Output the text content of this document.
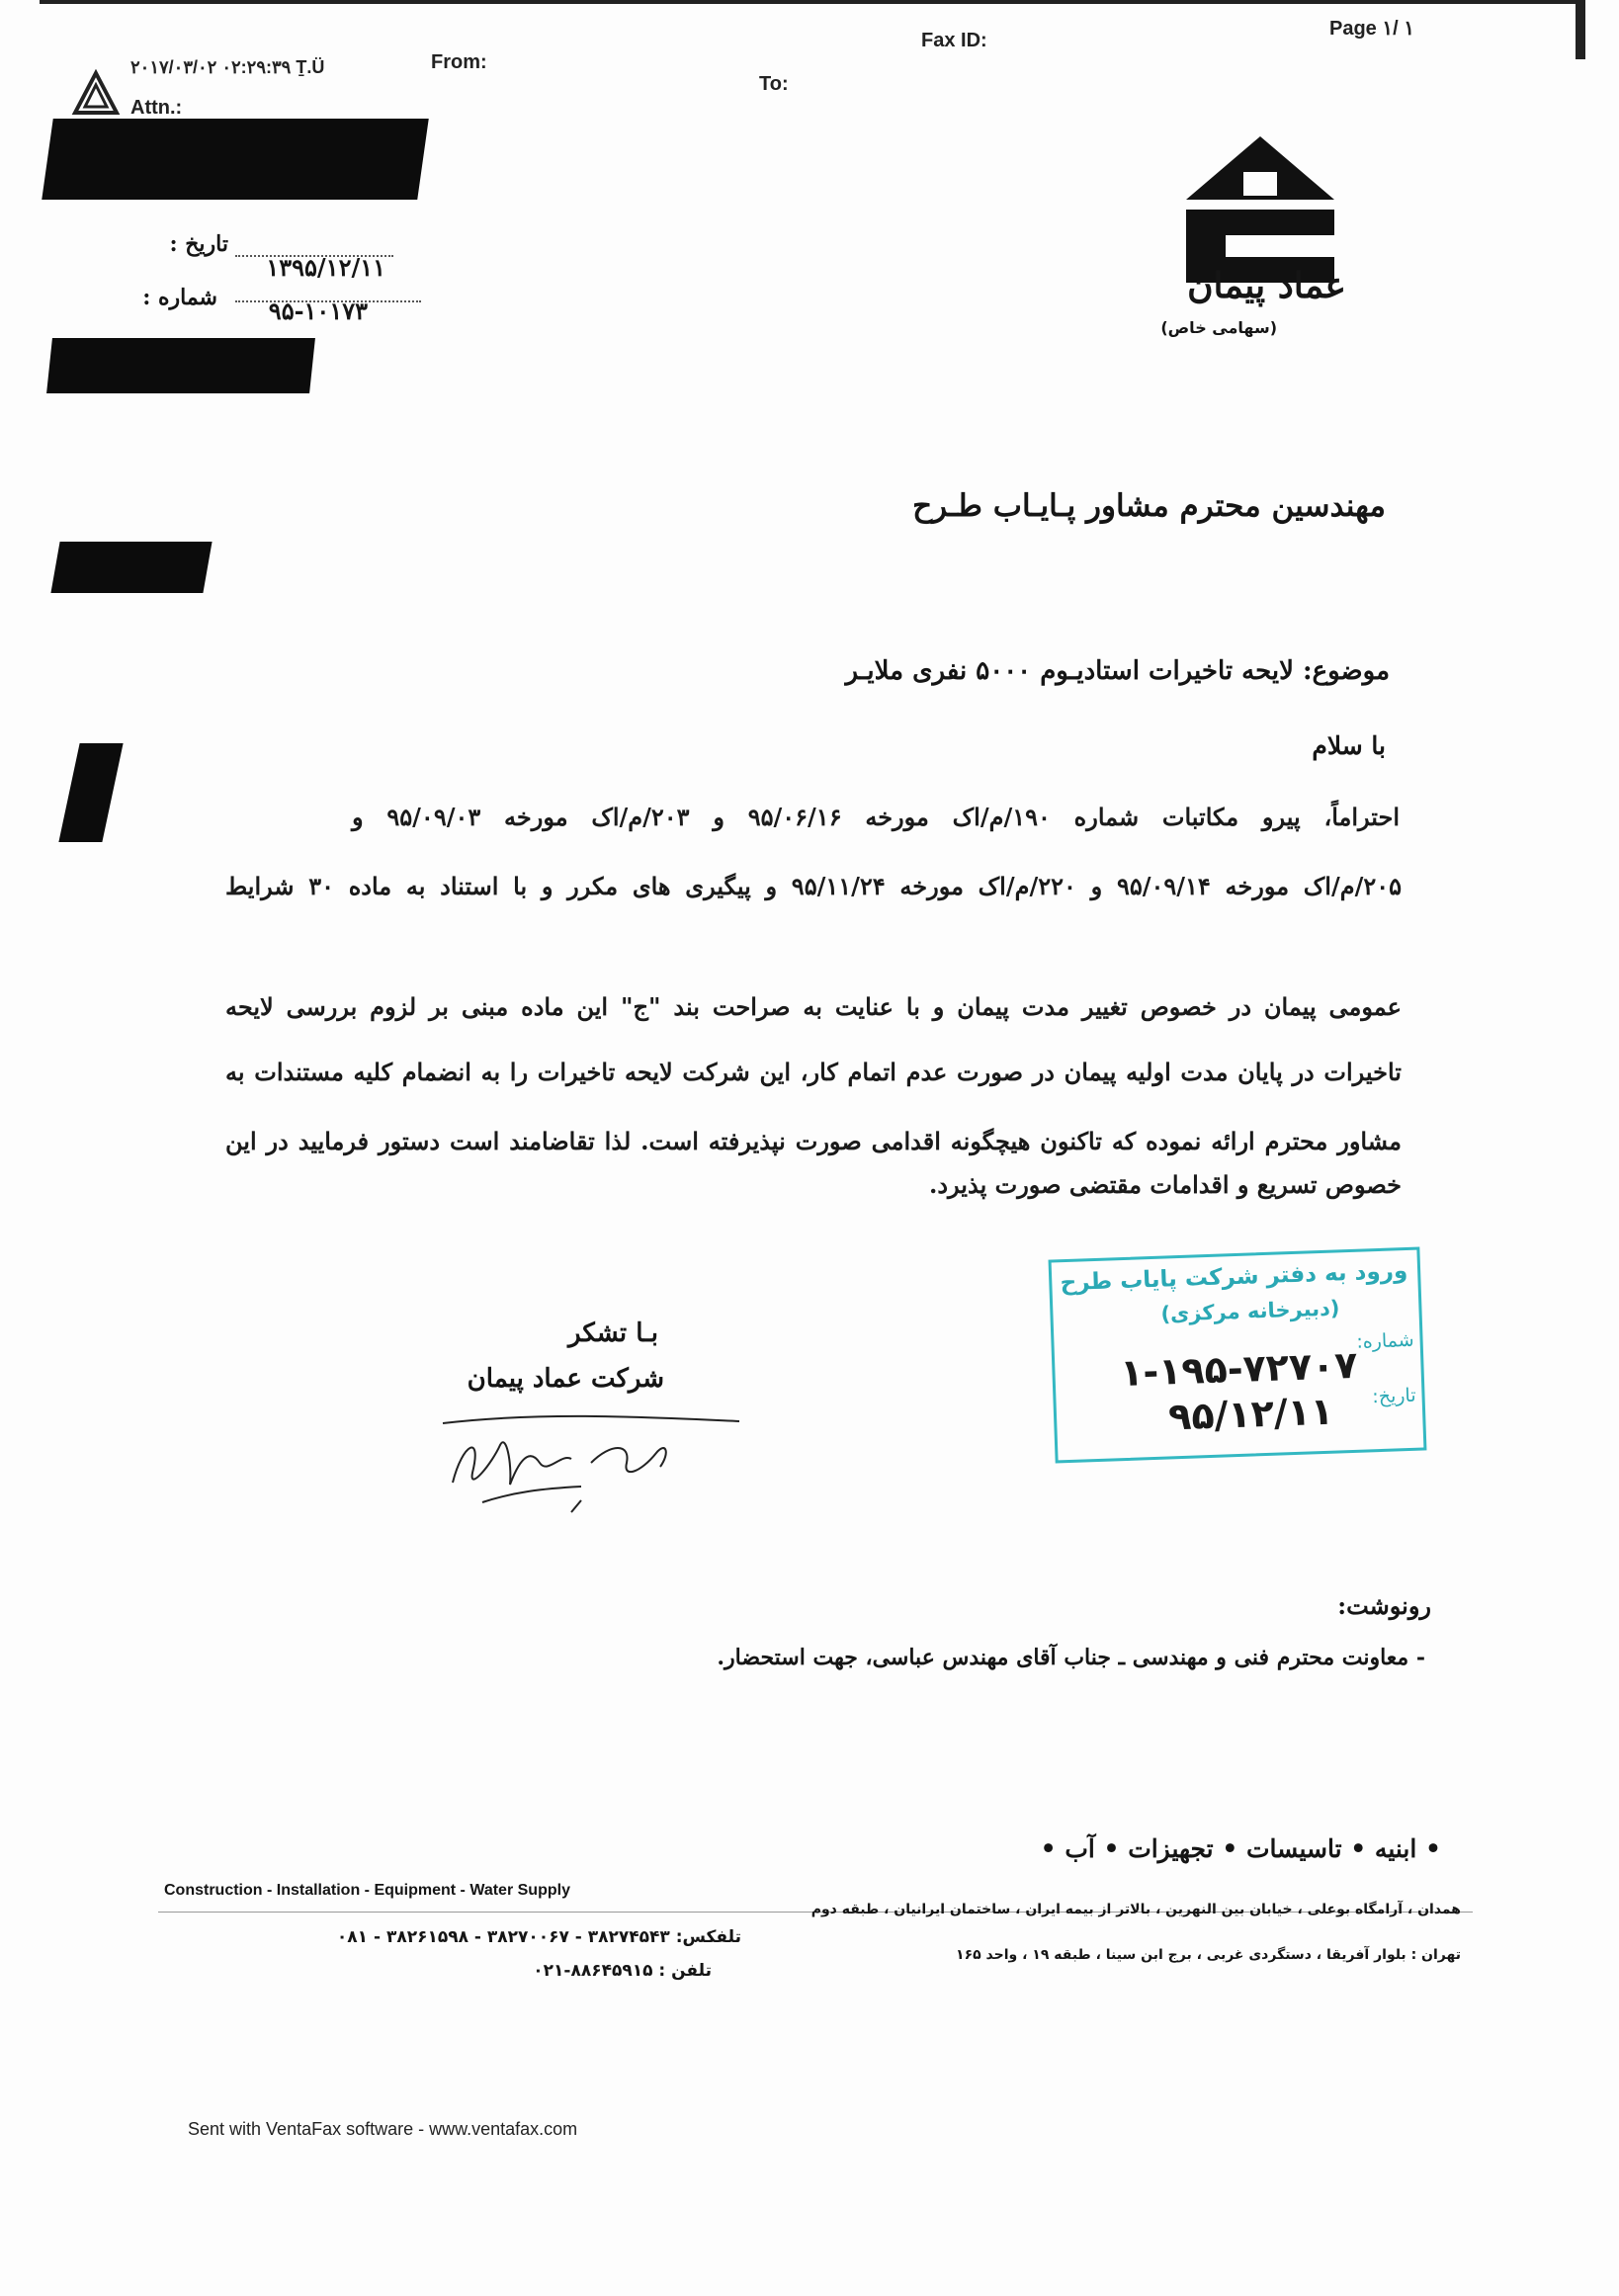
Page ۱/ ۱
Fax ID:
From:
To:
۲۰۱۷/۰۳/۰۲ ۰۲:۲۹:۳۹ Ṯ.Ü
Attn.:
تاریخ :
۱۳۹۵/۱۲/۱۱
شماره : ۹۵-۱۰۱۷۳
عماد پیمان
(سهامی خاص)
مهندسین محترم مشاور پـایـاب طـرح
موضوع: لایحه تاخیرات استادیـوم ۵۰۰۰ نفری ملایـر
با سلام
احتراماً، پیرو مکاتبات شماره ۱۹۰/م/اک مورخه ۹۵/۰۶/۱۶ و ۲۰۳/م/اک مورخه ۹۵/۰۹/۰۳ و
۲۰۵/م/اک مورخه ۹۵/۰۹/۱۴ و ۲۲۰/م/اک مورخه ۹۵/۱۱/۲۴ و پیگیری های مکرر و با استناد به ماده ۳۰ شرایط
عمومی پیمان در خصوص تغییر مدت پیمان و با عنایت به صراحت بند "ج" این ماده مبنی بر لزوم بررسی لایحه
تاخیرات در پایان مدت اولیه پیمان در صورت عدم اتمام کار، این شرکت لایحه تاخیرات را به انضمام کلیه مستندات به
مشاور محترم ارائه نموده که تاکنون هیچگونه اقدامی صورت نپذیرفته است. لذا تقاضامند است دستور فرمایید در این
خصوص تسریع و اقدامات مقتضی صورت پذیرد.
بـا تشکر
شرکت عماد پیمان
ورود به دفتر شرکت پایاب طرح
(دبیرخانه مرکزی)
شماره:
۱-۱۹۵-۷۲۷۰۷
تاریخ:
۹۵/۱۲/۱۱
رونوشت:
- معاونت محترم فنی و مهندسی ـ جناب آقای مهندس عباسی، جهت استحضار.
• ابنیه • تاسیسات • تجهیزات • آب •
Construction - Installation - Equipment - Water Supply
همدان ، آرامگاه بوعلی ، خیابان بین النهرین ، بالاتر از بیمه ایران ، ساختمان ایرانیان ، طبقه دوم
تلفکس: ۳۸۲۷۴۵۴۳ - ۳۸۲۷۰۰۶۷ - ۳۸۲۶۱۵۹۸ - ۰۸۱
تهران : بلوار آفریقا ، دستگردی غربی ، برج ابن سینا ، طبقه ۱۹ ، واحد ۱۶۵
تلفن : ۸۸۶۴۵۹۱۵-۰۲۱
Sent with VentaFax software - www.ventafax.com
